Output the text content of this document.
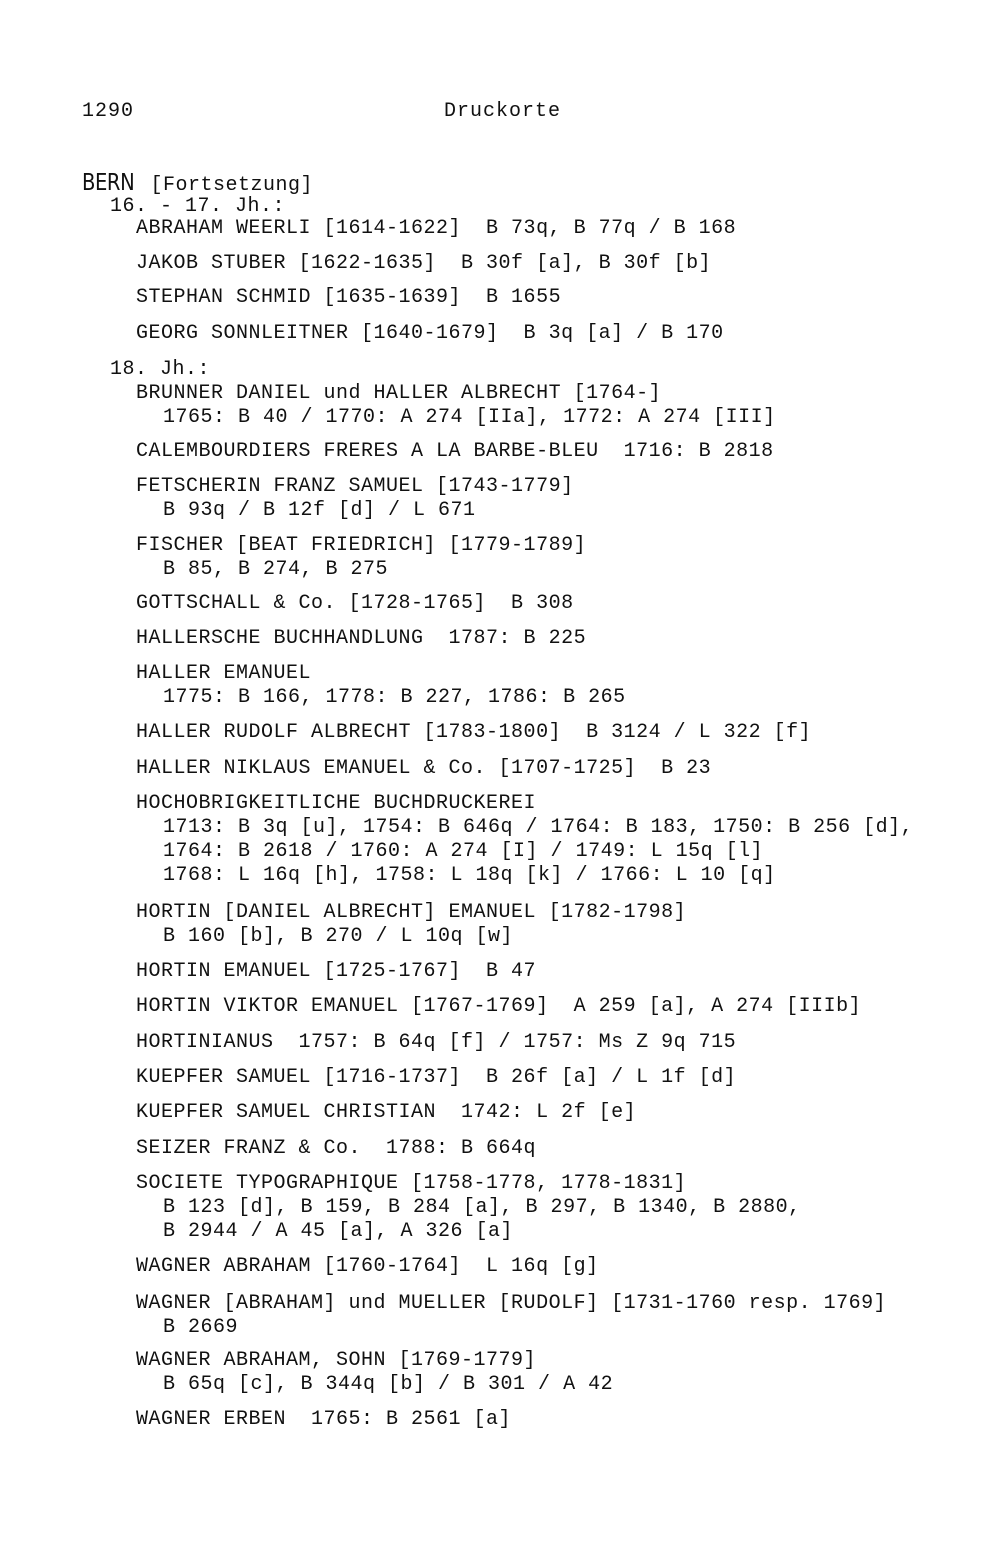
1290	Druckorte
BERN [Fortsetzung]
16. - 17. Jh.:
ABRAHAM WEERLI [1614-1622]  B 73q, B 77q / B 168
JAKOB STUBER [1622-1635]  B 30f [a], B 30f [b]
STEPHAN SCHMID [1635-1639]  B 1655
GEORG SONNLEITNER [1640-1679]  B 3q [a] / B 170
18. Jh.:
BRUNNER DANIEL und HALLER ALBRECHT [1764-]
1765: B 40 / 1770: A 274 [IIa], 1772: A 274 [III]
CALEMBOURDIERS FRERES A LA BARBE-BLEU  1716: B 2818
FETSCHERIN FRANZ SAMUEL [1743-1779]
B 93q / B 12f [d] / L 671
FISCHER [BEAT FRIEDRICH] [1779-1789]
B 85, B 274, B 275
GOTTSCHALL & Co. [1728-1765]  B 308
HALLERSCHE BUCHHANDLUNG  1787: B 225
HALLER EMANUEL
1775: B 166, 1778: B 227, 1786: B 265
HALLER RUDOLF ALBRECHT [1783-1800]  B 3124 / L 322 [f]
HALLER NIKLAUS EMANUEL & Co. [1707-1725]  B 23
HOCHOBRIGKEITLICHE BUCHDRUCKEREI
1713: B 3q [u], 1754: B 646q / 1764: B 183, 1750: B 256 [d],
1764: B 2618 / 1760: A 274 [I] / 1749: L 15q [l]
1768: L 16q [h], 1758: L 18q [k] / 1766: L 10 [q]
HORTIN [DANIEL ALBRECHT] EMANUEL [1782-1798]
B 160 [b], B 270 / L 10q [w]
HORTIN EMANUEL [1725-1767]  B 47
HORTIN VIKTOR EMANUEL [1767-1769]  A 259 [a], A 274 [IIIb]
HORTINIANUS  1757: B 64q [f] / 1757: Ms Z 9q 715
KUEPFER SAMUEL [1716-1737]  B 26f [a] / L 1f [d]
KUEPFER SAMUEL CHRISTIAN  1742: L 2f [e]
SEIZER FRANZ & Co.  1788: B 664q
SOCIETE TYPOGRAPHIQUE [1758-1778, 1778-1831]
B 123 [d], B 159, B 284 [a], B 297, B 1340, B 2880,
B 2944 / A 45 [a], A 326 [a]
WAGNER ABRAHAM [1760-1764]  L 16q [g]
WAGNER [ABRAHAM] und MUELLER [RUDOLF] [1731-1760 resp. 1769]
B 2669
WAGNER ABRAHAM, SOHN [1769-1779]
B 65q [c], B 344q [b] / B 301 / A 42
WAGNER ERBEN  1765: B 2561 [a]
